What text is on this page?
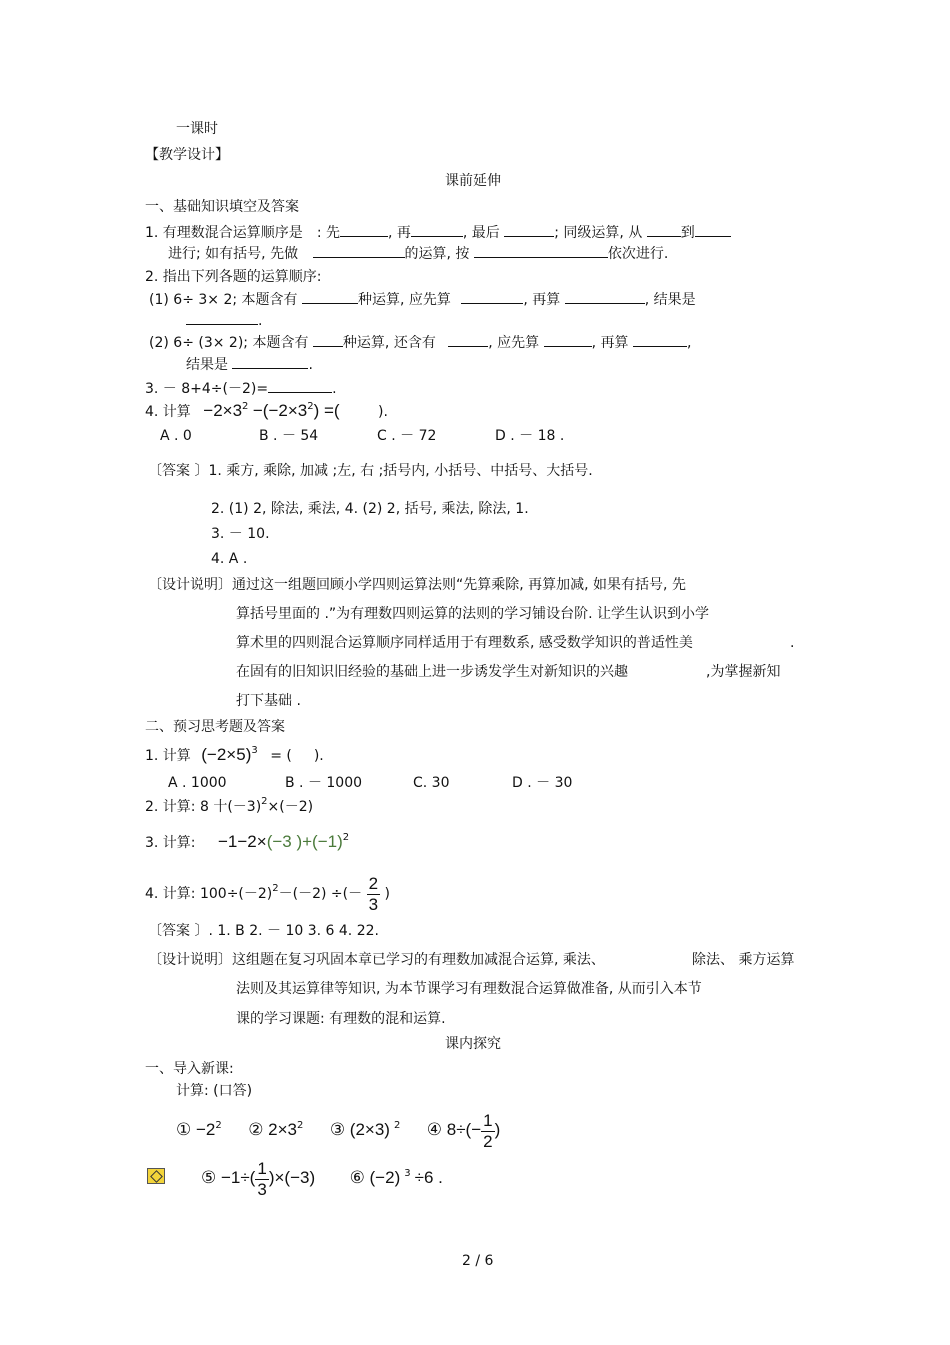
一课时
【教学设计】
课前延伸
一、基础知识填空及答案
1. 有理数混合运算顺序是 : 先	, 再	, 最后	; 同级运算, 从	到
进行; 如有括号, 先做	的运算, 按	依次进行.
2. 指出下列各题的运算顺序:
(1) 6÷ 3× 2; 本题含有	种运算, 应先算	, 再算	, 结果是
.
(2) 6÷ (3× 2); 本题含有 种运算, 还含有	, 应先算	, 再算	,
结果是	.
3. － 8+4÷(－2)=	.
4. 计算 $-2\times 3^2 -(-2\times 3^2)$ =(	).
A . 0	B . － 54	C . － 72	D . － 18 .
〔答案 〕1. 乘方, 乘除, 加减 ;左, 右 ;括号内, 小括号、中括号、大括号.
2. (1) 2, 除法, 乘法, 4. (2) 2, 括号, 乘法, 除法, 1.
3. － 10.
4. A .
〔设计说明〕通过这一组题回顾小学四则运算法则“先算乘除, 再算加减, 如果有括号, 先
算括号里面的 .”为有理数四则运算的法则的学习铺设台阶. 让学生认识到小学
算术里的四则混合运算顺序同样适用于有理数系, 感受数学知识的普适性美	.
在固有的旧知识旧经验的基础上进一步诱发学生对新知识的兴趣	,为掌握新知
打下基础 .
二、预习思考题及答案
1. 计算 $(-2\times 5)^3$ = ( ).
A . 1000	B . － 1000	C. 30	D . － 30
2. 计算: 8 十$(-3)^2\times(-2)$
3. 计算: −1−2×(−3 )$+(-1)^2$
4. 计算: $100\div(-2)^2-(-2)$ ÷(－ $\frac{2}{3}$ )
〔答案 〕. 1. B 2. － 10 3. 6 4. 22.
〔设计说明〕这组题在复习巩固本章已学习的有理数加减混合运算, 乘法、	除法、 乘方运算
法则及其运算律等知识, 为本节课学习有理数混合运算做准备, 从而引入本节
课的学习课题: 有理数的混和运算.
课内探究
一、导入新课:
计算: (口答)
① $-2^2$ ② $2\times 3^2$ ③ (2×3) $^2$ ④ $8\div(- \frac{1}{2}$ )
⑤ $-1\div( \frac{1}{3} )\times(-3)$ ⑥ (−2) $^3$ ÷6 .
2 / 6
